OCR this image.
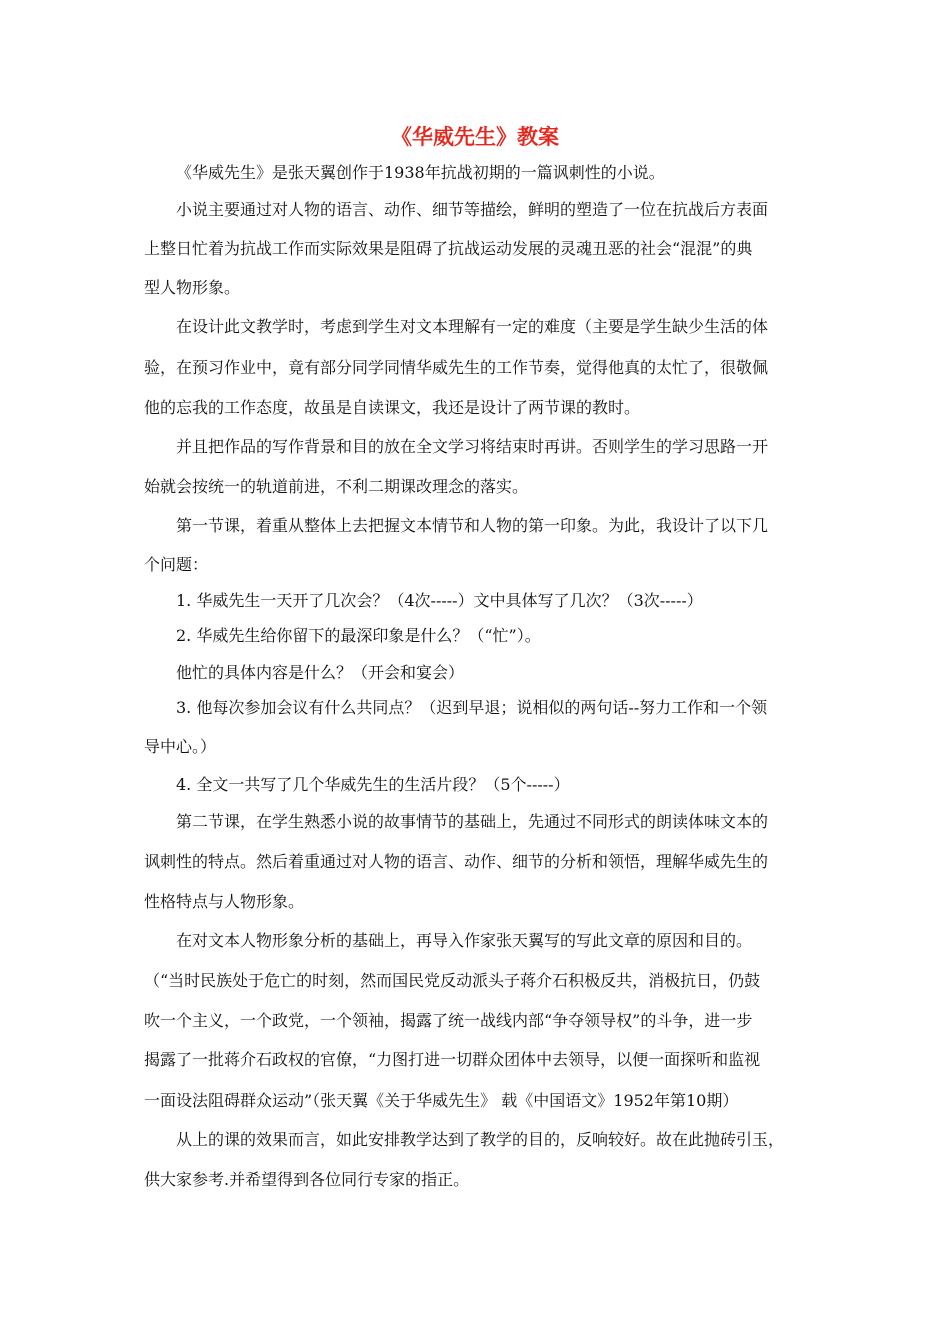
《华威先生》教案
《华威先生》是张天翼创作于1938年抗战初期的一篇讽刺性的小说。
小说主要通过对人物的语言、动作、细节等描绘，鲜明的塑造了一位在抗战后方表面
上整日忙着为抗战工作而实际效果是阻碍了抗战运动发展的灵魂丑恶的社会“混混”的典
型人物形象。
在设计此文教学时，考虑到学生对文本理解有一定的难度（主要是学生缺少生活的体
验，在预习作业中，竟有部分同学同情华威先生的工作节奏，觉得他真的太忙了，很敬佩
他的忘我的工作态度，故虽是自读课文，我还是设计了两节课的教时。
并且把作品的写作背景和目的放在全文学习将结束时再讲。否则学生的学习思路一开
始就会按统一的轨道前进，不利二期课改理念的落实。
第一节课，着重从整体上去把握文本情节和人物的第一印象。为此，我设计了以下几
个问题：
1. 华威先生一天开了几次会？（4次-----）文中具体写了几次？（3次-----）
2. 华威先生给你留下的最深印象是什么？（“忙”）。
他忙的具体内容是什么？（开会和宴会）
3. 他每次参加会议有什么共同点？（迟到早退；说相似的两句话--努力工作和一个领
导中心。）
4. 全文一共写了几个华威先生的生活片段？（5个-----）
第二节课，在学生熟悉小说的故事情节的基础上，先通过不同形式的朗读体味文本的
讽刺性的特点。然后着重通过对人物的语言、动作、细节的分析和领悟，理解华威先生的
性格特点与人物形象。
在对文本人物形象分析的基础上，再导入作家张天翼写的写此文章的原因和目的。
（“当时民族处于危亡的时刻，然而国民党反动派头子蒋介石积极反共，消极抗日，仍鼓
吹一个主义，一个政党，一个领袖，揭露了统一战线内部“争夺领导权”的斗争，进一步
揭露了一批蒋介石政权的官僚，“力图打进一切群众团体中去领导，以便一面探听和监视
一面设法阻碍群众运动”（张天翼《关于华威先生》 载《中国语文》1952年第10期）
从上的课的效果而言，如此安排教学达到了教学的目的，反响较好。故在此抛砖引玉，
供大家参考.并希望得到各位同行专家的指正。
